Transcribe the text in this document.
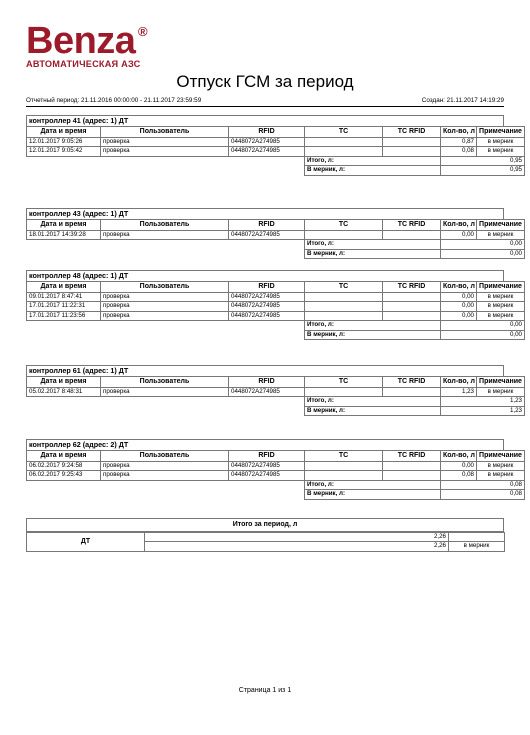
Benza ®
АВТОМАТИЧЕСКАЯ АЗС
Отпуск ГСМ за период
Отчетный период: 21.11.2016 00:00:00 - 21.11.2017 23:59:59	Создан: 21.11.2017 14:19:29
контроллер 41 (адрес: 1) ДТ
Дата и время	Пользователь	RFID	ТС	ТС RFID	Кол-во, л	Примечание
12.01.2017 9:05:26	проверка	0448072A274985			0,87	в мерник
12.01.2017 9:05:42	проверка	0448072A274985			0,08	в мерник
			Итого, л:		0,95	
			В мерник, л:		0,95	
контроллер 43 (адрес: 1) ДТ
Дата и время	Пользователь	RFID	ТС	ТС RFID	Кол-во, л	Примечание
18.01.2017 14:39:28	проверка	0448072A274985			0,00	в мерник
			Итого, л:		0,00	
			В мерник, л:		0,00	
контроллер 48 (адрес: 1) ДТ
Дата и время	Пользователь	RFID	ТС	ТС RFID	Кол-во, л	Примечание
09.01.2017 8:47:41	проверка	0448072A274985			0,00	в мерник
17.01.2017 11:22:31	проверка	0448072A274985			0,00	в мерник
17.01.2017 11:23:56	проверка	0448072A274985			0,00	в мерник
			Итого, л:		0,00	
			В мерник, л:		0,00	
контроллер 61 (адрес: 1) ДТ
Дата и время	Пользователь	RFID	ТС	ТС RFID	Кол-во, л	Примечание
05.02.2017 8:48:31	проверка	0448072A274985			1,23	в мерник
			Итого, л:		1,23	
			В мерник, л:		1,23	
контроллер 62 (адрес: 2) ДТ
Дата и время	Пользователь	RFID	ТС	ТС RFID	Кол-во, л	Примечание
06.02.2017 9:24:58	проверка	0448072A274985			0,00	в мерник
06.02.2017 9:25:43	проверка	0448072A274985			0,08	в мерник
			Итого, л:		0,08	
			В мерник, л:		0,08	
Итого за период, л
ДТ	2,26	
	2,26	в мерник
Страница 1 из 1
